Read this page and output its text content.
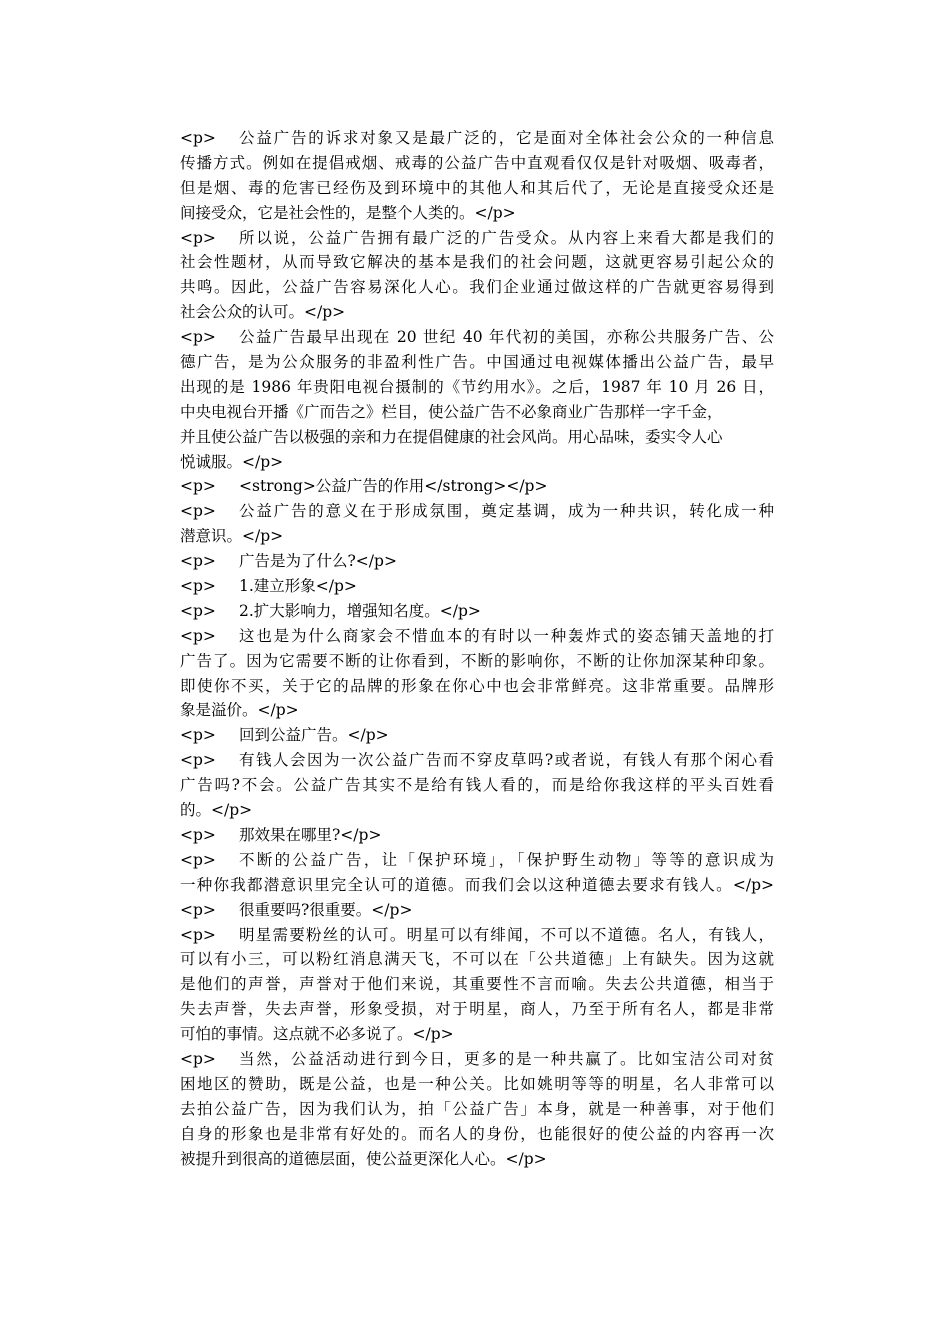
<p> 公益广告的诉求对象又是最广泛的，它是面对全体社会公众的一种信息
传播方式。例如在提倡戒烟、戒毒的公益广告中直观看仅仅是针对吸烟、吸毒者，
但是烟、毒的危害已经伤及到环境中的其他人和其后代了，无论是直接受众还是
间接受众，它是社会性的，是整个人类的。</p>
<p> 所以说，公益广告拥有最广泛的广告受众。从内容上来看大都是我们的
社会性题材，从而导致它解决的基本是我们的社会问题，这就更容易引起公众的
共鸣。因此，公益广告容易深化人心。我们企业通过做这样的广告就更容易得到
社会公众的认可。</p>
<p> 公益广告最早出现在 20 世纪 40 年代初的美国，亦称公共服务广告、公
德广告，是为公众服务的非盈利性广告。中国通过电视媒体播出公益广告，最早
出现的是 1986 年贵阳电视台摄制的《节约用水》。之后，1987 年 10 月 26 日，
中央电视台开播《广而告之》栏目，使公益广告不必象商业广告那样一字千金，
并且使公益广告以极强的亲和力在提倡健康的社会风尚。用心品味，委实令人心
悦诚服。</p>
<p> <strong>公益广告的作用</strong></p>
<p> 公益广告的意义在于形成氛围，奠定基调，成为一种共识，转化成一种
潜意识。</p>
<p> 广告是为了什么?</p>
<p> 1.建立形象</p>
<p> 2.扩大影响力，增强知名度。</p>
<p> 这也是为什么商家会不惜血本的有时以一种轰炸式的姿态铺天盖地的打
广告了。因为它需要不断的让你看到，不断的影响你，不断的让你加深某种印象。
即使你不买，关于它的品牌的形象在你心中也会非常鲜亮。这非常重要。品牌形
象是溢价。</p>
<p> 回到公益广告。</p>
<p> 有钱人会因为一次公益广告而不穿皮草吗?或者说，有钱人有那个闲心看
广告吗?不会。公益广告其实不是给有钱人看的，而是给你我这样的平头百姓看
的。</p>
<p> 那效果在哪里?</p>
<p> 不断的公益广告，让「保护环境」，「保护野生动物」等等的意识成为
一种你我都潜意识里完全认可的道德。而我们会以这种道德去要求有钱人。</p>
<p> 很重要吗?很重要。</p>
<p> 明星需要粉丝的认可。明星可以有绯闻，不可以不道德。名人，有钱人，
可以有小三，可以粉红消息满天飞，不可以在「公共道德」上有缺失。因为这就
是他们的声誉，声誉对于他们来说，其重要性不言而喻。失去公共道德，相当于
失去声誉，失去声誉，形象受损，对于明星，商人，乃至于所有名人，都是非常
可怕的事情。这点就不必多说了。</p>
<p> 当然，公益活动进行到今日，更多的是一种共赢了。比如宝洁公司对贫
困地区的赞助，既是公益，也是一种公关。比如姚明等等的明星，名人非常可以
去拍公益广告，因为我们认为，拍「公益广告」本身，就是一种善事，对于他们
自身的形象也是非常有好处的。而名人的身份，也能很好的使公益的内容再一次
被提升到很高的道德层面，使公益更深化人心。</p>
